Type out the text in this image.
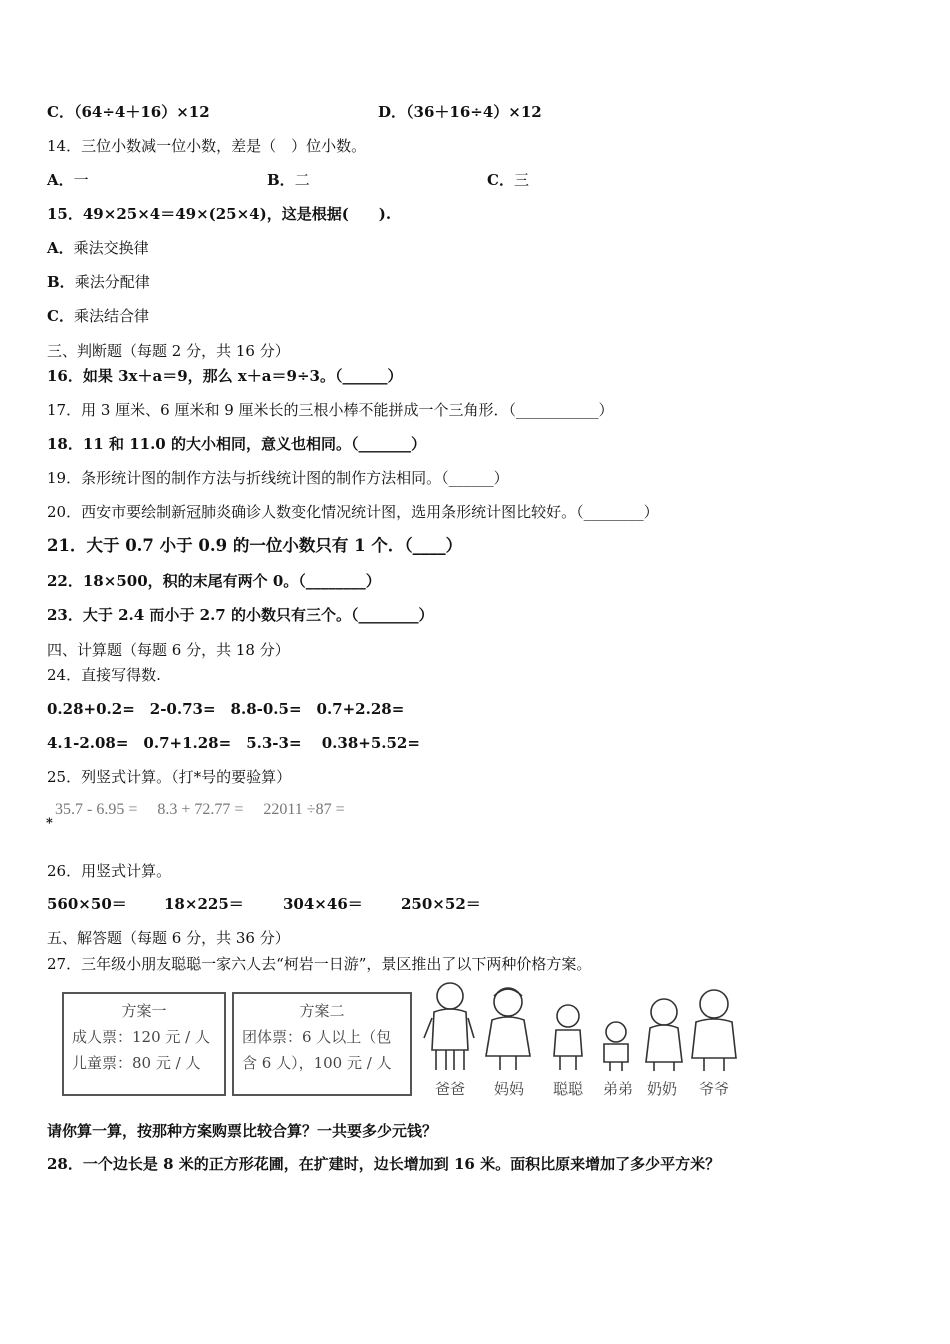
C．（64÷4＋16）×12	D．（36＋16÷4）×12
14．三位小数减一位小数，差是（　）位小数。
A．一	B．二	C．三
15．49×25×4＝49×(25×4)，这是根据(　　).
A．乘法交换律
B．乘法分配律
C．乘法结合律
三、判断题（每题 2 分，共 16 分）
16．如果 3x＋a＝9，那么 x＋a＝9÷3。（______）
17．用 3 厘米、6 厘米和 9 厘米长的三根小棒不能拼成一个三角形．（___________）
18．11 和 11.0 的大小相同，意义也相同。（_______）
19．条形统计图的制作方法与折线统计图的制作方法相同。（______）
20．西安市要绘制新冠肺炎确诊人数变化情况统计图，选用条形统计图比较好。（________）
21．大于 0.7 小于 0.9 的一位小数只有 1 个．（____）
22．18×500，积的末尾有两个 0。（________）
23．大于 2.4 而小于 2.7 的小数只有三个。（________）
四、计算题（每题 6 分，共 18 分）
24．直接写得数.
0.28+0.2=　2-0.73=　8.8-0.5=　0.7+2.28=
4.1-2.08=　0.7+1.28=　5.3-3=　 0.38+5.52=
25．列竖式计算。（打*号的要验算）
35.7 - 6.95 =　 8.3 + 72.77 =　 22011 ÷87 =
*
26．用竖式计算。
560×50＝ 18×225＝	304×46＝	250×52＝
五、解答题（每题 6 分，共 36 分）
27．三年级小朋友聪聪一家六人去“柯岩一日游”，景区推出了以下两种价格方案。
方案一
成人票：120 元 / 人
儿童票：80 元 / 人
方案二
团体票：6 人以上（包
含 6 人），100 元 / 人
爸爸	妈妈	聪聪	弟弟 奶奶	爷爷
请你算一算，按那种方案购票比较合算？一共要多少元钱？
28．一个边长是 8 米的正方形花圃，在扩建时，边长增加到 16 米。面积比原来增加了多少平方米？
